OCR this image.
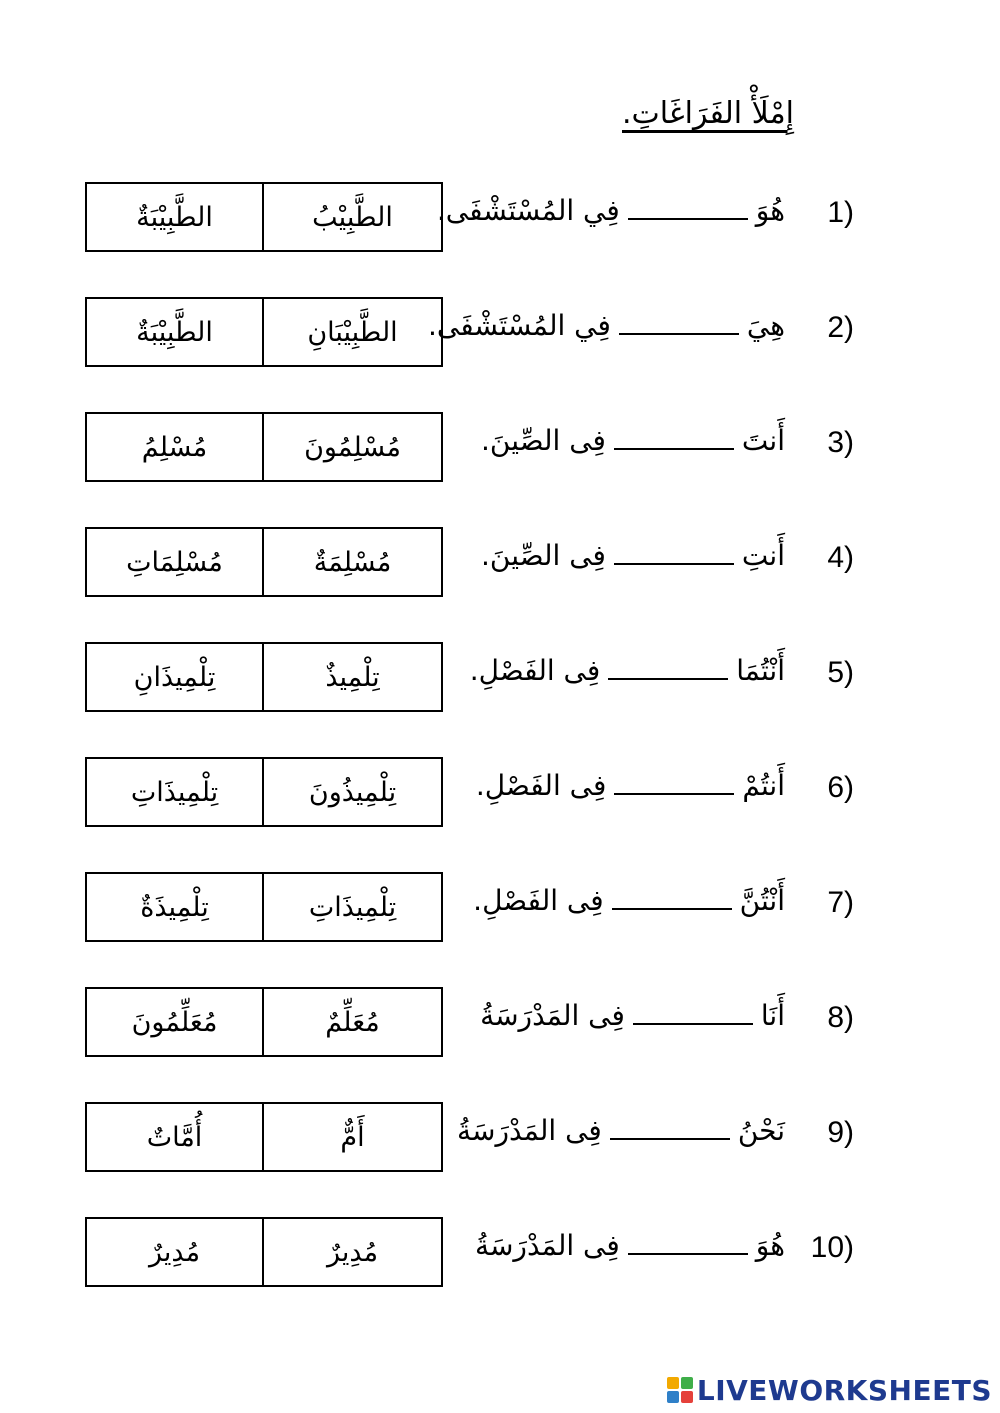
إِمْلَأْ الفَرَاغَاتِ.
1)
هُوَفِي المُسْتَشْفَى.
الطَّبِيْبَةٌ	الطَّبِيْبُ
2)
هِيَفِي المُسْتَشْفَى.
الطَّبِيْبَةٌ	الطَّبِيْبَانِ
3)
أَنتَفِى الصِّينَ.
مُسْلِمُ	مُسْلِمُونَ
4)
أَنتِفِى الصِّينَ.
مُسْلِمَاتِ	مُسْلِمَةٌ
5)
أَنْتُمَافِى الفَصْلِ.
تِلْمِيذَانِ	تِلْمِيذٌ
6)
أَنتُمْفِى الفَصْلِ.
تِلْمِيذَاتِ	تِلْمِيذُونَ
7)
أَنْتُنَّفِى الفَصْلِ.
تِلْمِيذَةٌ	تِلْمِيذَاتِ
8)
أَنَافِى المَدْرَسَةُ
مُعَلِّمُونَ	مُعَلِّمٌ
9)
نَحْنُفِى المَدْرَسَةُ
أُمَّاتٌ	أَمٌّ
10)
هُوَفِى المَدْرَسَةُ
مُدِيرٌ	مُدِيرٌ
LIVEWORKSHEETS
